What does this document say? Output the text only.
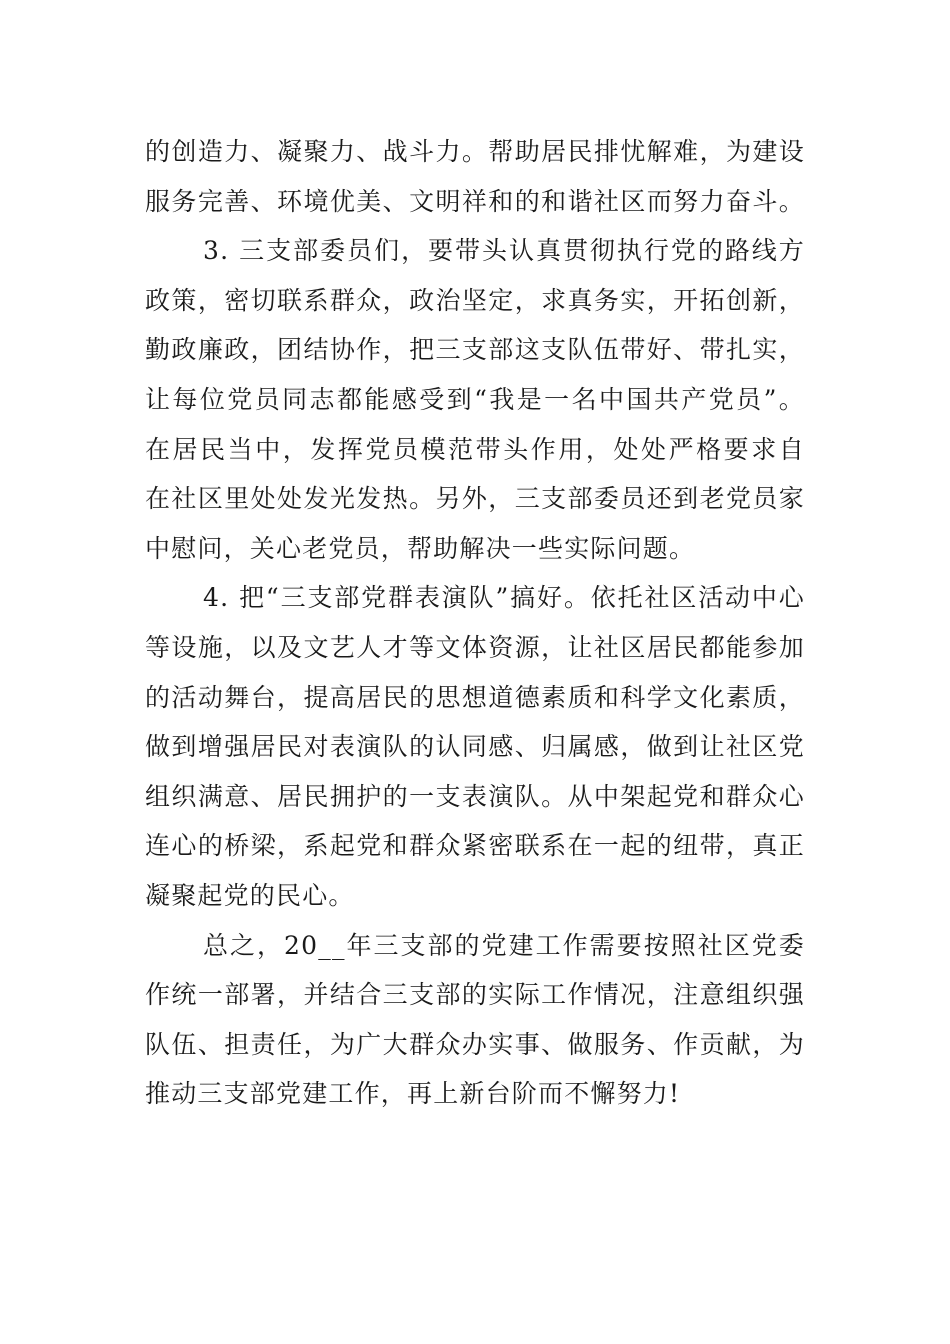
的创造力、凝聚力、战斗力。帮助居民排忧解难，为建设
服务完善、环境优美、文明祥和的和谐社区而努力奋斗。
3. 三支部委员们，要带头认真贯彻执行党的路线方
政策，密切联系群众，政治坚定，求真务实，开拓创新，
勤政廉政，团结协作，把三支部这支队伍带好、带扎实，
让每位党员同志都能感受到“我是一名中国共产党员”。
在居民当中，发挥党员模范带头作用，处处严格要求自
在社区里处处发光发热。另外，三支部委员还到老党员家
中慰问，关心老党员，帮助解决一些实际问题。
4. 把“三支部党群表演队”搞好。依托社区活动中心
等设施，以及文艺人才等文体资源，让社区居民都能参加
的活动舞台，提高居民的思想道德素质和科学文化素质，
做到增强居民对表演队的认同感、归属感，做到让社区党
组织满意、居民拥护的一支表演队。从中架起党和群众心
连心的桥梁，系起党和群众紧密联系在一起的纽带，真正
凝聚起党的民心。
总之，20__年三支部的党建工作需要按照社区党委
作统一部署，并结合三支部的实际工作情况，注意组织强
队伍、担责任，为广大群众办实事、做服务、作贡献，为
推动三支部党建工作，再上新台阶而不懈努力!
